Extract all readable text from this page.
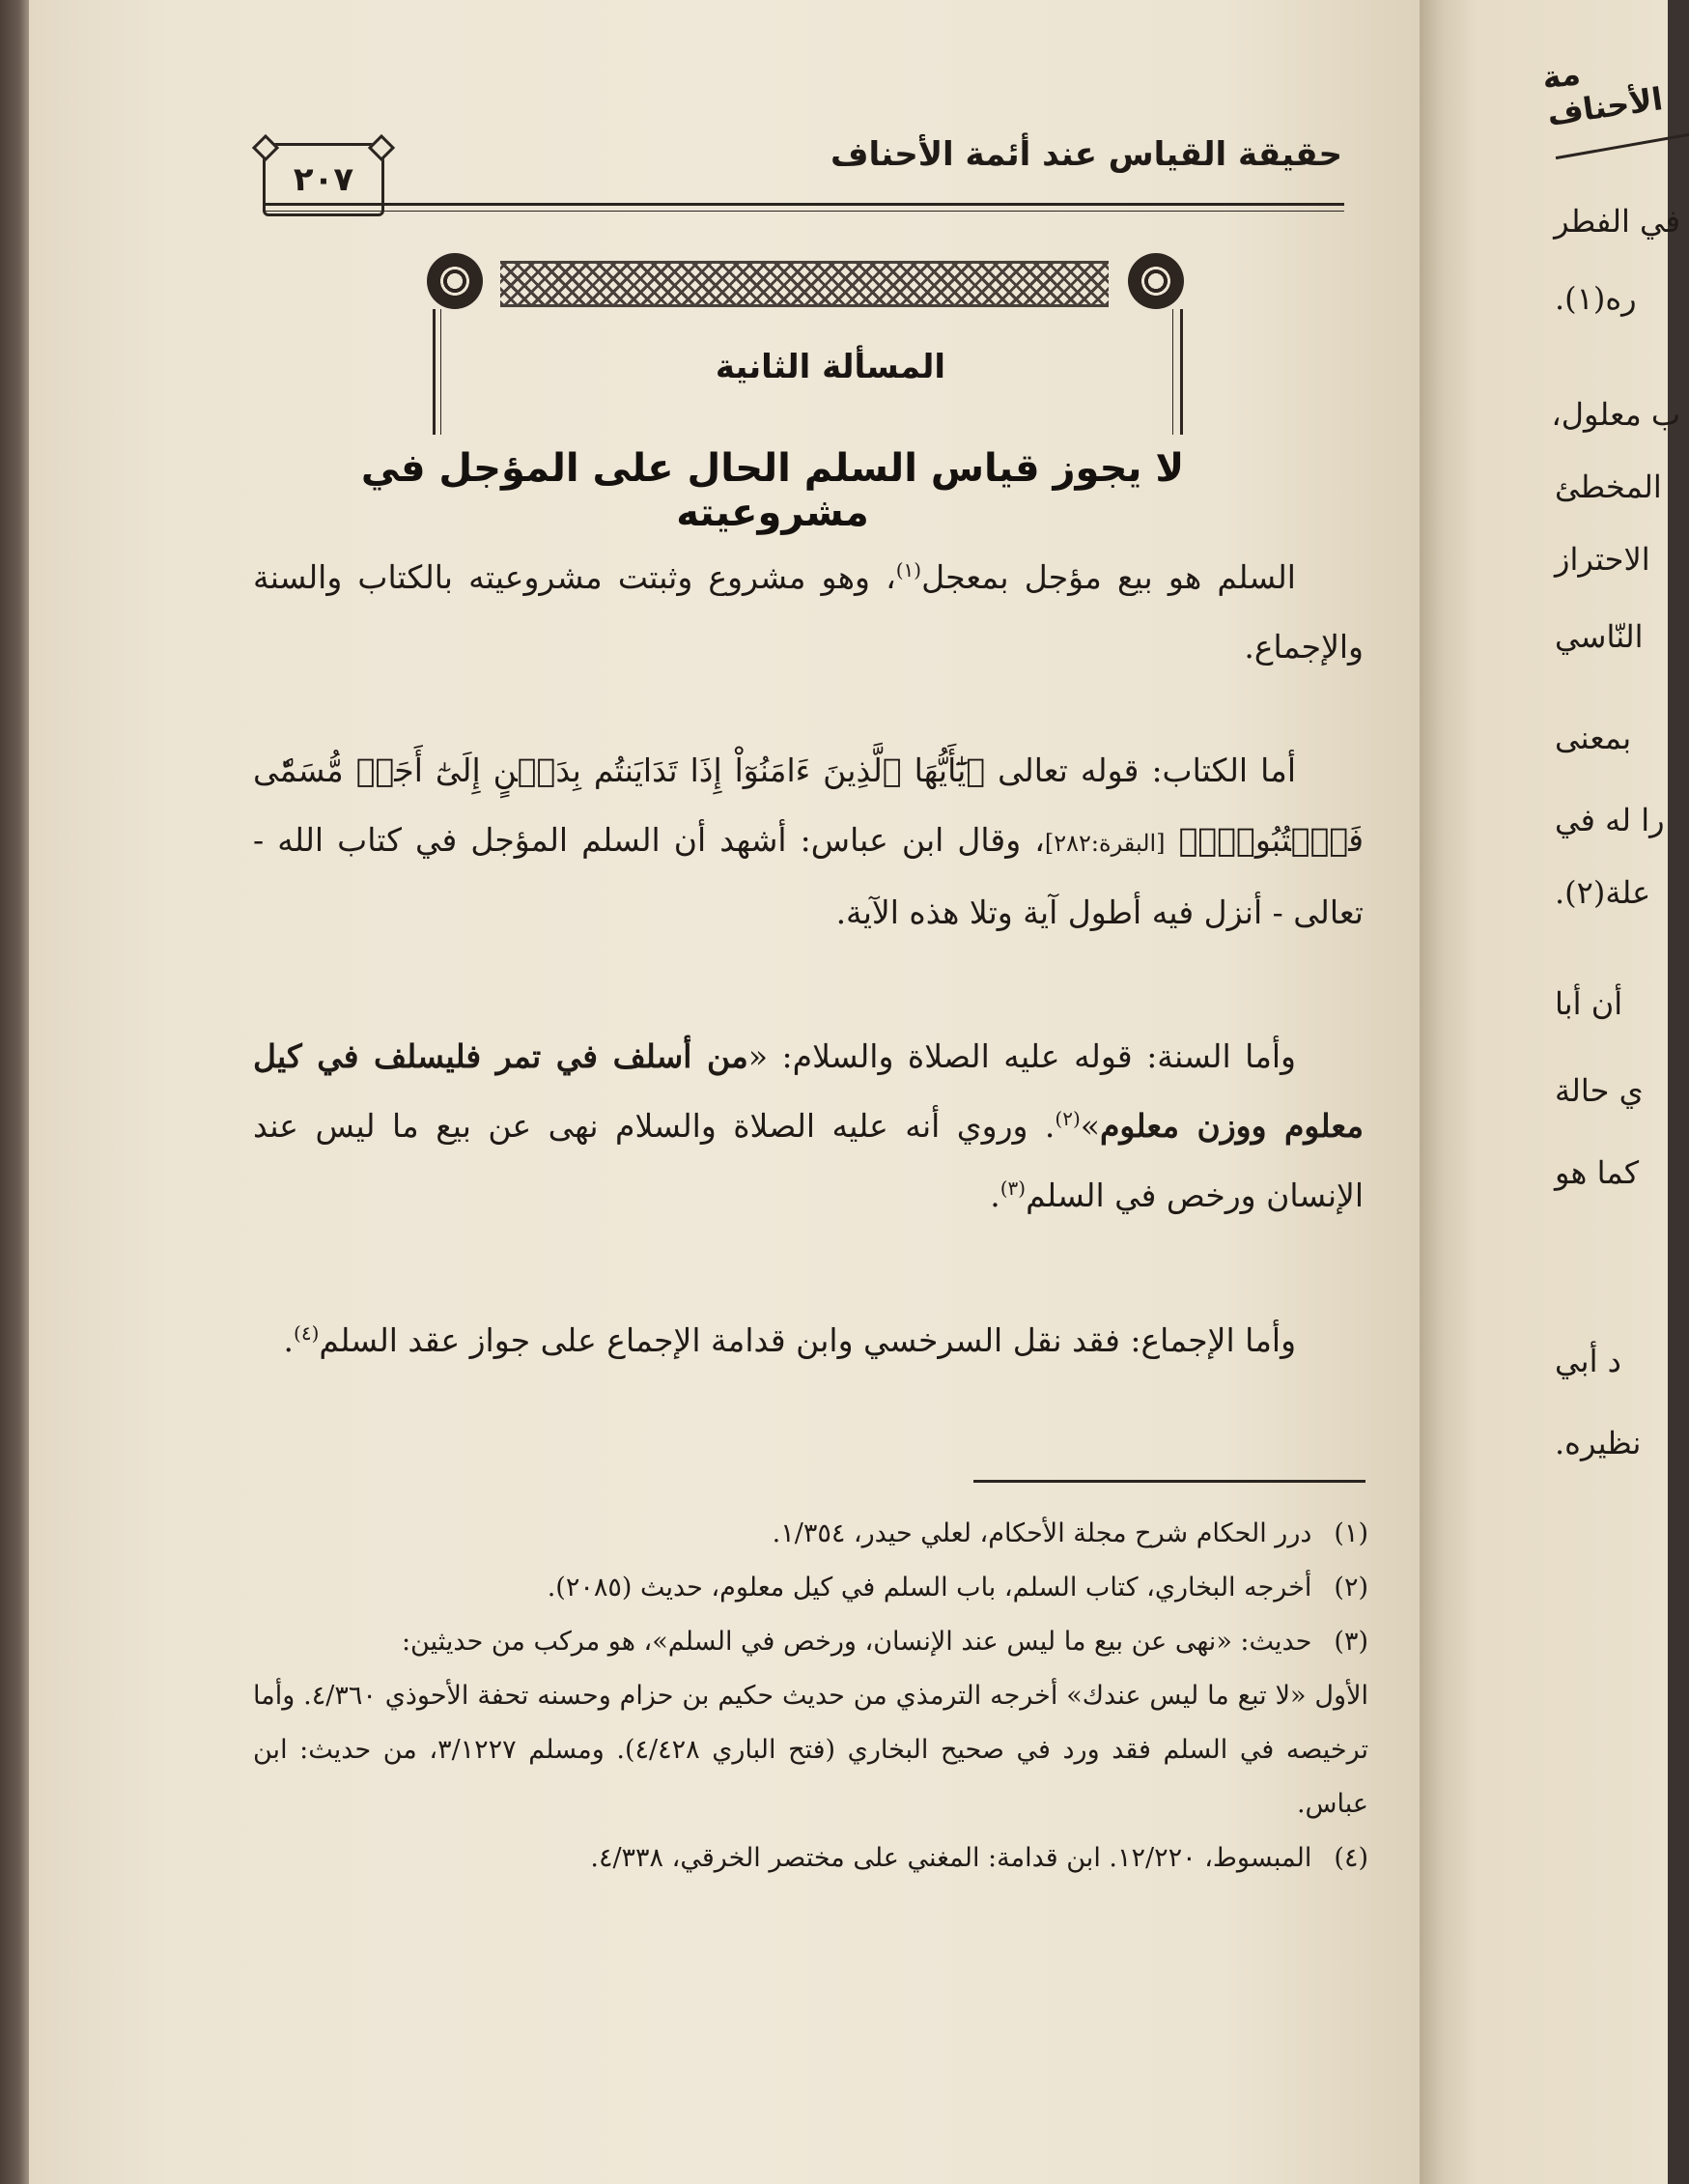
حقيقة القياس عند أئمة الأحناف
٢٠٧
المسألة الثانية
لا يجوز قياس السلم الحال على المؤجل في مشروعيته
السلم هو بيع مؤجل بمعجل$^{(١)}$، وهو مشروع وثبتت مشروعيته بالكتاب والسنة والإجماع.
أما الكتاب: قوله تعالى ﴿يَٰٓأَيُّهَا ٱلَّذِينَ ءَامَنُوٓاْ إِذَا تَدَايَنتُم بِدَيۡنٍ إِلَىٰٓ أَجَلٖ مُّسَمّٗى فَٱكۡتُبُوهُۚ﴾ [البقرة:٢٨٢]، وقال ابن عباس: أشهد أن السلم المؤجل في كتاب الله - تعالى - أنزل فيه أطول آية وتلا هذه الآية.
وأما السنة: قوله عليه الصلاة والسلام: «من أسلف في تمر فليسلف في كيل معلوم ووزن معلوم»$^{(٢)}$. وروي أنه عليه الصلاة والسلام نهى عن بيع ما ليس عند الإنسان ورخص في السلم$^{(٣)}$.
وأما الإجماع: فقد نقل السرخسي وابن قدامة الإجماع على جواز عقد السلم$^{(٤)}$.
(١) درر الحكام شرح مجلة الأحكام، لعلي حيدر، ١/٣٥٤.
(٢) أخرجه البخاري، كتاب السلم، باب السلم في كيل معلوم، حديث (٢٠٨٥).
(٣) حديث: «نهى عن بيع ما ليس عند الإنسان، ورخص في السلم»، هو مركب من حديثين:
الأول «لا تبع ما ليس عندك» أخرجه الترمذي من حديث حكيم بن حزام وحسنه تحفة الأحوذي ٤/٣٦٠. وأما ترخيصه في السلم فقد ورد في صحيح البخاري (فتح الباري ٤/٤٢٨). ومسلم ٣/١٢٢٧، من حديث: ابن عباس.
(٤) المبسوط، ١٢/٢٢٠. ابن قدامة: المغني على مختصر الخرقي، ٤/٣٣٨.
مة الأحناف
في الفطر
ره(١).
ب معلول،
المخطئ
الاحتراز
النّاسي
بمعنى
را له في
علة(٢).
أن أبا
ي حالة
كما هو
د أبي
نظيره.
